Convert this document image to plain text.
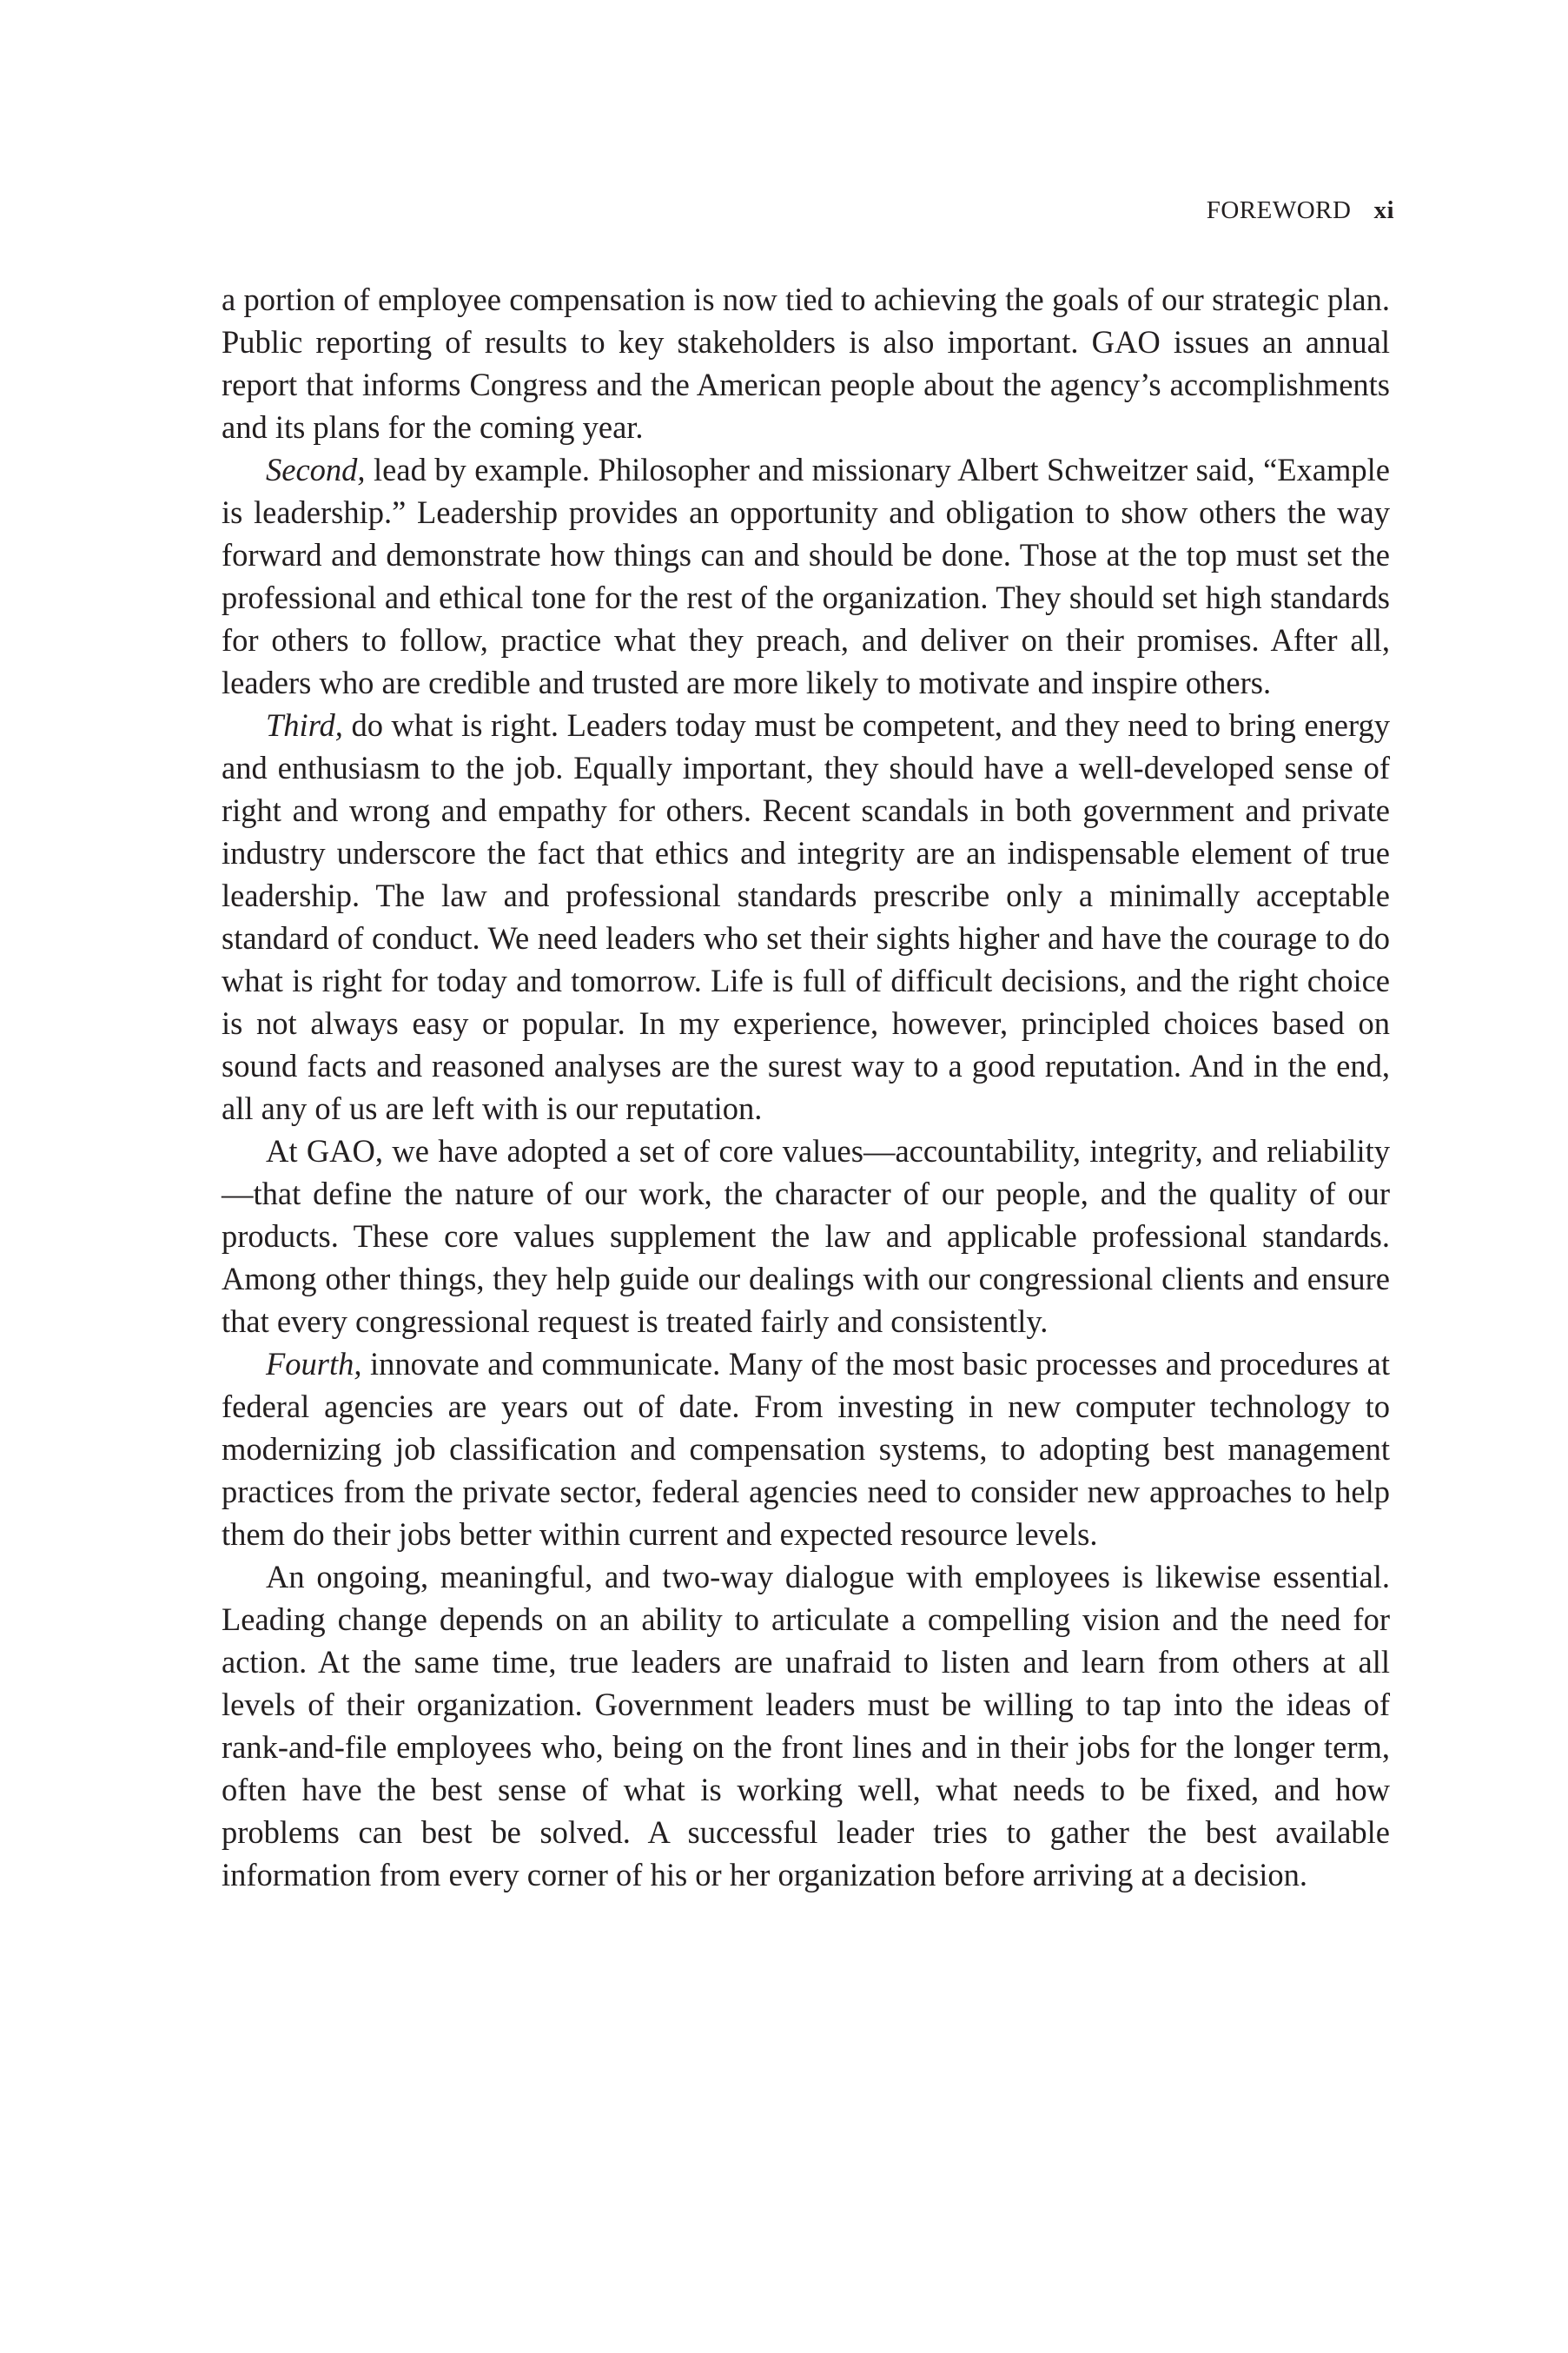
FOREWORD xi

a portion of employee compensation is now tied to achieving the goals of our strategic plan. Public reporting of results to key stakeholders is also important. GAO issues an annual report that informs Congress and the American people about the agency’s accomplishments and its plans for the coming year.

Second, lead by example. Philosopher and missionary Albert Schweitzer said, “Example is leadership.” Leadership provides an opportunity and obligation to show others the way forward and demonstrate how things can and should be done. Those at the top must set the professional and ethical tone for the rest of the organization. They should set high standards for others to follow, practice what they preach, and deliver on their promises. After all, leaders who are credible and trusted are more likely to motivate and inspire others.

Third, do what is right. Leaders today must be competent, and they need to bring energy and enthusiasm to the job. Equally important, they should have a well-developed sense of right and wrong and empathy for others. Recent scandals in both government and private industry underscore the fact that ethics and integrity are an indispensable element of true leadership. The law and professional standards prescribe only a minimally acceptable standard of conduct. We need leaders who set their sights higher and have the courage to do what is right for today and tomorrow. Life is full of difficult decisions, and the right choice is not always easy or popular. In my experience, however, principled choices based on sound facts and reasoned analyses are the surest way to a good reputation. And in the end, all any of us are left with is our reputation.

At GAO, we have adopted a set of core values—accountability, integrity, and reliability—that define the nature of our work, the character of our people, and the quality of our products. These core values supplement the law and applicable professional standards. Among other things, they help guide our dealings with our congressional clients and ensure that every congressional request is treated fairly and consistently.

Fourth, innovate and communicate. Many of the most basic processes and procedures at federal agencies are years out of date. From investing in new computer technology to modernizing job classification and compensation systems, to adopting best management practices from the private sector, federal agencies need to consider new approaches to help them do their jobs better within current and expected resource levels.

An ongoing, meaningful, and two-way dialogue with employees is likewise essential. Leading change depends on an ability to articulate a compelling vision and the need for action. At the same time, true leaders are unafraid to listen and learn from others at all levels of their organization. Government leaders must be willing to tap into the ideas of rank-and-file employees who, being on the front lines and in their jobs for the longer term, often have the best sense of what is working well, what needs to be fixed, and how problems can best be solved. A successful leader tries to gather the best available information from every corner of his or her organization before arriving at a decision.
